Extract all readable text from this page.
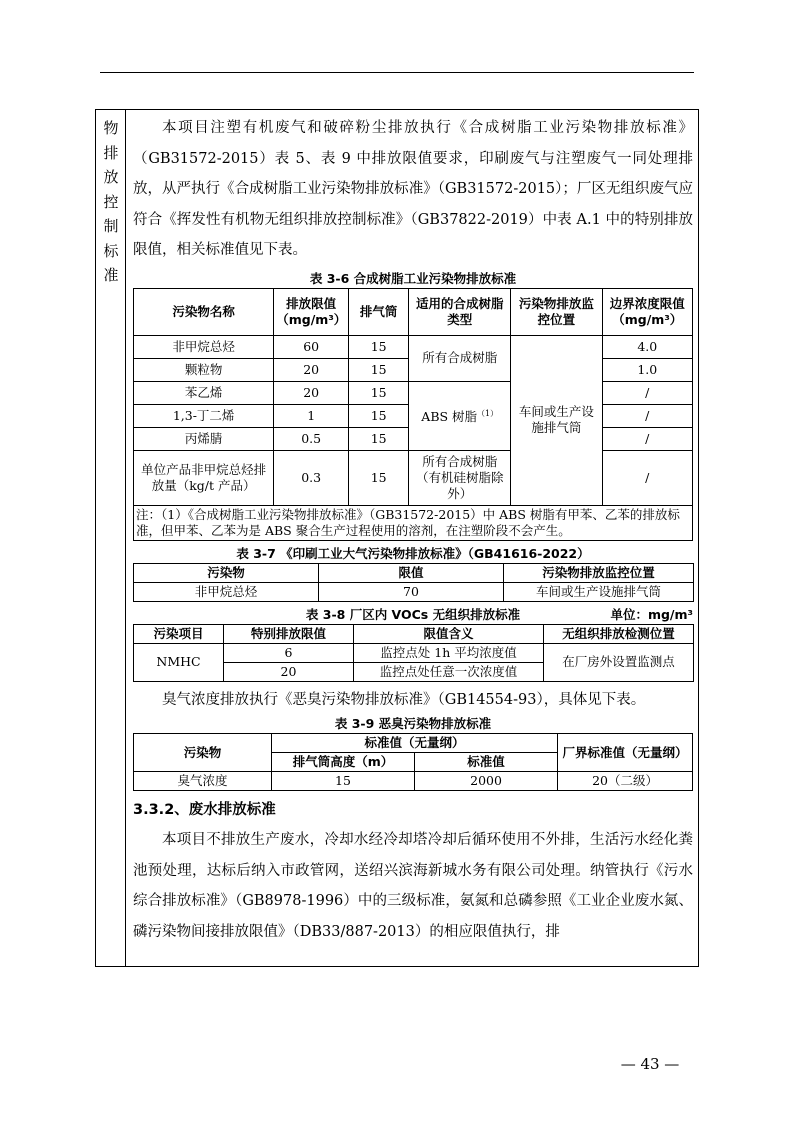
物排放控制标准

本项目注塑有机废气和破碎粉尘排放执行《合成树脂工业污染物排放标准》（GB31572-2015）表 5、表 9 中排放限值要求，印刷废气与注塑废气一同处理排放，从严执行《合成树脂工业污染物排放标准》（GB31572-2015）；厂区无组织废气应符合《挥发性有机物无组织排放控制标准》（GB37822-2019）中表 A.1 中的特别排放限值，相关标准值见下表。

表 3-6 合成树脂工业污染物排放标准
污染物名称	排放限值（mg/m³）	排气筒	适用的合成树脂类型	污染物排放监控位置	边界浓度限值（mg/m³）
非甲烷总烃	60	15	所有合成树脂	车间或生产设施排气筒	4.0
颗粒物	20	15			1.0
苯乙烯	20	15	ABS 树脂$^{(1)}$		/
1,3-丁二烯	1	15			/
丙烯腈	0.5	15			/
单位产品非甲烷总烃排放量（kg/t 产品）	0.3	15	所有合成树脂（有机硅树脂除外）		/
注：（1）《合成树脂工业污染物排放标准》（GB31572-2015）中 ABS 树脂有甲苯、乙苯的排放标准，但甲苯、乙苯为是 ABS 聚合生产过程使用的溶剂，在注塑阶段不会产生。					
表 3-7 《印刷工业大气污染物排放标准》（GB41616-2022）
污染物	限值	污染物排放监控位置
非甲烷总烃	70	车间或生产设施排气筒
表 3-8 厂区内 VOCs 无组织排放标准	单位：mg/m³
污染项目	特别排放限值	限值含义	无组织排放检测位置
NMHC	6	监控点处 1h 平均浓度值	在厂房外设置监测点
	20	监控点处任意一次浓度值	

臭气浓度排放执行《恶臭污染物排放标准》（GB14554-93），具体见下表。

表 3-9 恶臭污染物排放标准
污染物	标准值（无量纲）		厂界标准值（无量纲）
	排气筒高度（m）	标准值	
臭气浓度	15	2000	20（二级）
3.3.2、废水排放标准

本项目不排放生产废水，冷却水经冷却塔冷却后循环使用不外排，生活污水经化粪池预处理，达标后纳入市政管网，送绍兴滨海新城水务有限公司处理。纳管执行《污水综合排放标准》（GB8978-1996）中的三级标准，氨氮和总磷参照《工业企业废水氮、磷污染物间接排放限值》（DB33/887-2013）的相应限值执行，排

— 43 —
